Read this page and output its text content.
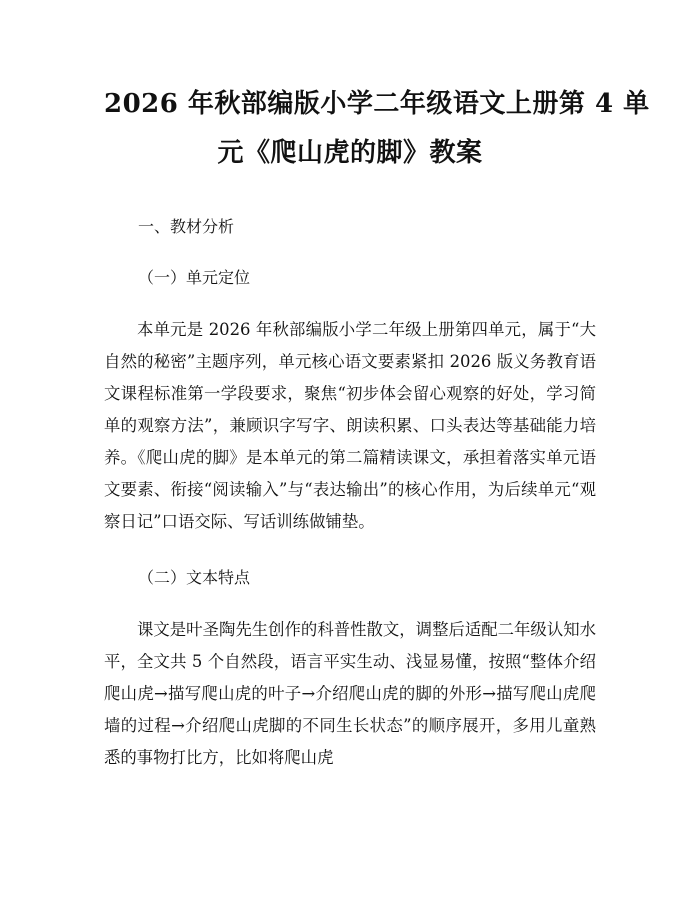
2026 年秋部编版小学二年级语文上册第 4 单
元《爬山虎的脚》教案

一、教材分析

（一）单元定位

本单元是 2026 年秋部编版小学二年级上册第四单元，属于“大自然的秘密”主题序列，单元核心语文要素紧扣 2026 版义务教育语文课程标准第一学段要求，聚焦“初步体会留心观察的好处，学习简单的观察方法”，兼顾识字写字、朗读积累、口头表达等基础能力培养。《爬山虎的脚》是本单元的第二篇精读课文，承担着落实单元语文要素、衔接“阅读输入”与“表达输出”的核心作用，为后续单元“观察日记”口语交际、写话训练做铺垫。

（二）文本特点

课文是叶圣陶先生创作的科普性散文，调整后适配二年级认知水平，全文共 5 个自然段，语言平实生动、浅显易懂，按照“整体介绍爬山虎→描写爬山虎的叶子→介绍爬山虎的脚的外形→描写爬山虎爬墙的过程→介绍爬山虎脚的不同生长状态”的顺序展开，多用儿童熟悉的事物打比方，比如将爬山虎
